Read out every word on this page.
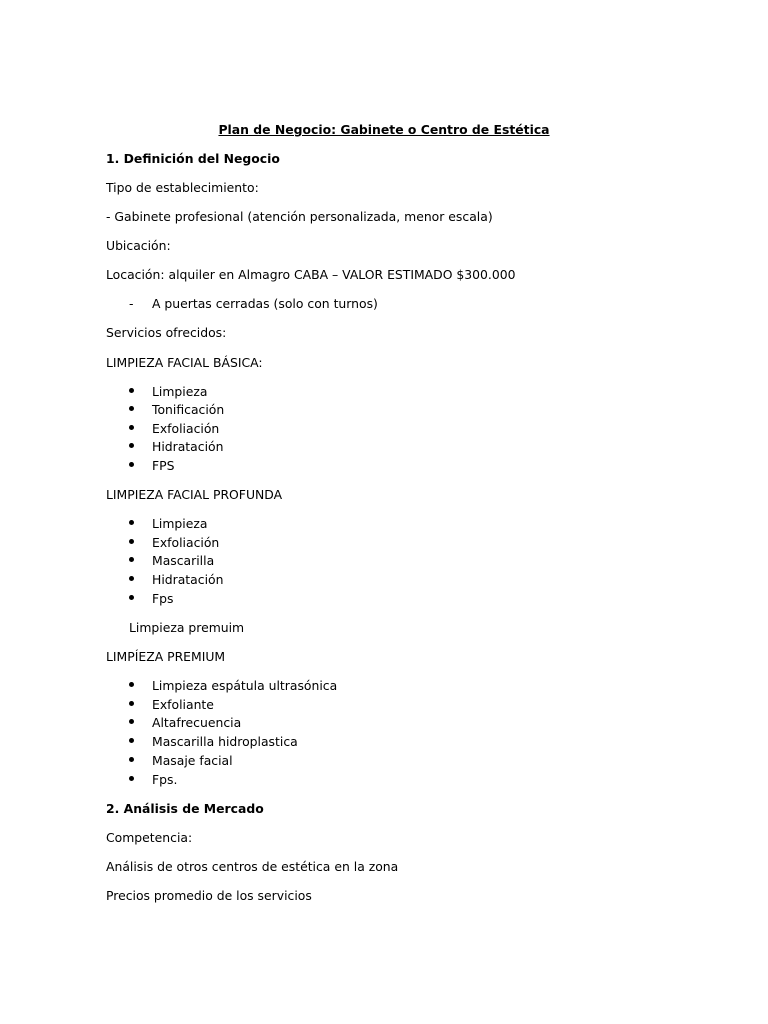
Plan de Negocio: Gabinete o Centro de Estética

1. Definición del Negocio

Tipo de establecimiento:

- Gabinete profesional (atención personalizada, menor escala)

Ubicación:

Locación: alquiler en Almagro CABA – VALOR ESTIMADO $300.000

- A puertas cerradas (solo con turnos)

Servicios ofrecidos:

LIMPIEZA FACIAL BÁSICA:

Limpieza

Tonificación

Exfoliación

Hidratación

FPS

LIMPIEZA FACIAL PROFUNDA

Limpieza

Exfoliación

Mascarilla

Hidratación

Fps

Limpieza premuim

LIMPÍEZA PREMIUM

Limpieza espátula ultrasónica

Exfoliante

Altafrecuencia

Mascarilla hidroplastica

Masaje facial

Fps.

2. Análisis de Mercado

Competencia:

Análisis de otros centros de estética en la zona

Precios promedio de los servicios
